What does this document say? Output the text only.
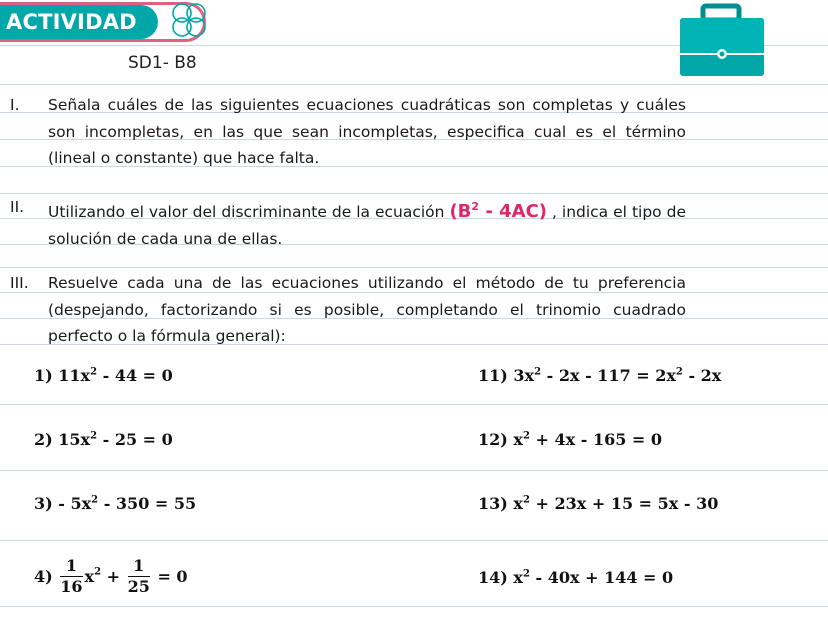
ACTIVIDAD 6	SD1- B8
I. Señala cuáles de las siguientes ecuaciones cuadráticas son completas y cuáles son incompletas, en las que sean incompletas, especifica cual es el término (lineal o constante) que hace falta.
II. Utilizando el valor del discriminante de la ecuación $(B^2 - 4AC)$ , indica el tipo de solución de cada una de ellas.
III. Resuelve cada una de las ecuaciones utilizando el método de tu preferencia (despejando, factorizando si es posible, completando el trinomio cuadrado perfecto o la fórmula general):
1) $11x^2 - 44 = 0$
2) $15x^2 - 25 = 0$
$3) - 5x^2 - 350 = 55$
$4) \frac{1}{16} x^2 + \frac{1}{25} = 0$
11) $3x^2 - 2x - 117 = 2x^2 - 2x$
12) $x^2 + 4x - 165 = 0$
13) $x^2 + 23x + 15 = 5x - 30$
14) $x^2 - 40x + 144 = 0$
